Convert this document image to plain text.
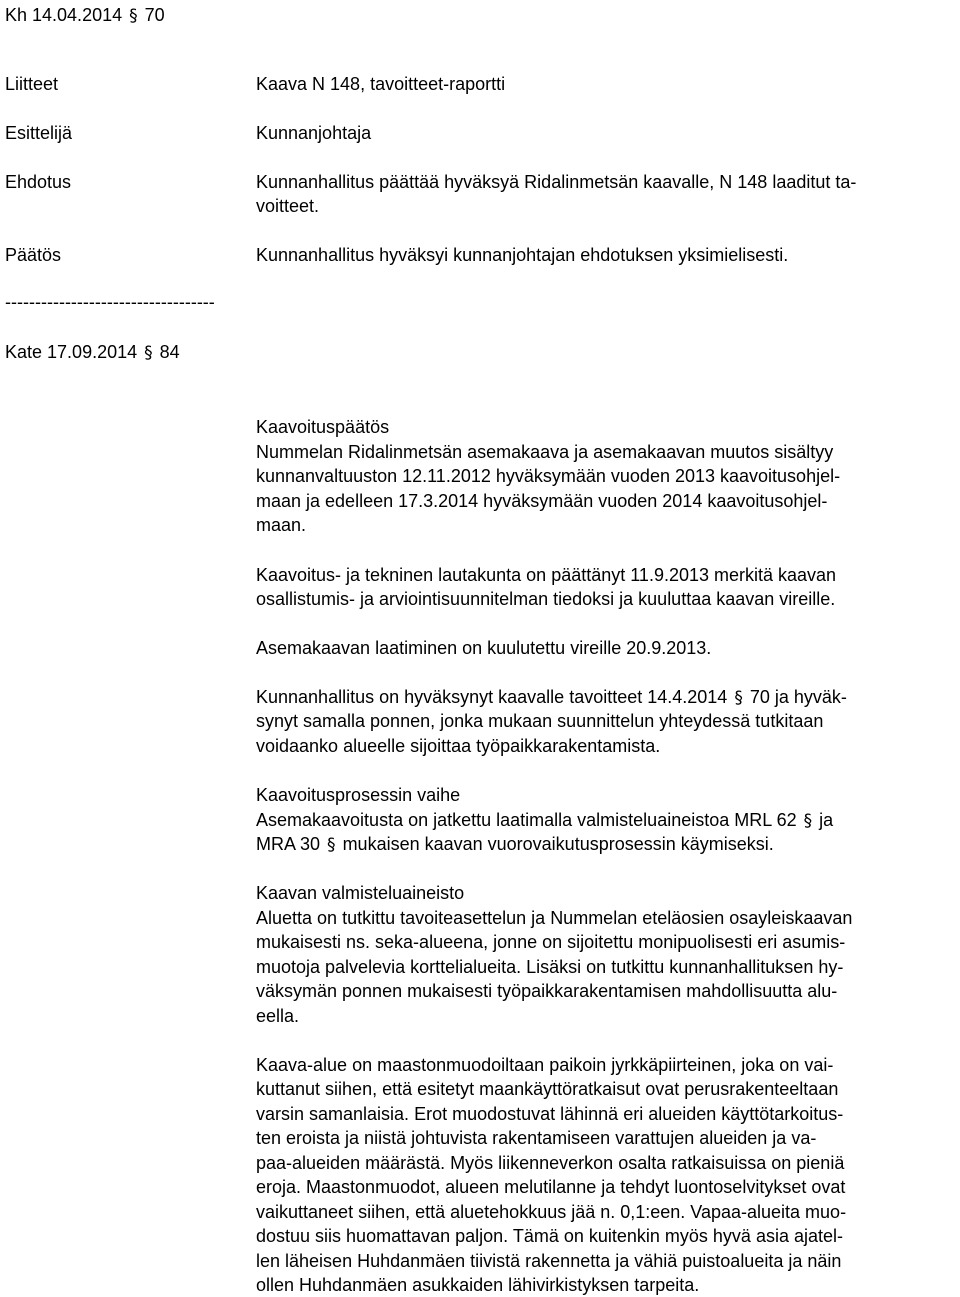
Kh 14.04.2014 § 70
Liitteet	Kaava N 148, tavoitteet-raportti
Esittelijä	Kunnanjohtaja
Ehdotus	Kunnanhallitus päättää hyväksyä Ridalinmetsän kaavalle, N 148 laaditut ta-
voitteet.
Päätös	Kunnanhallitus hyväksyi kunnanjohtajan ehdotuksen yksimielisesti.
-----------------------------------
Kate 17.09.2014 § 84
Kaavoituspäätös
Nummelan Ridalinmetsän asemakaava ja asemakaavan muutos sisältyy
kunnanvaltuuston 12.11.2012 hyväksymään vuoden 2013 kaavoitusohjel-
maan ja edelleen 17.3.2014 hyväksymään vuoden 2014 kaavoitusohjel-
maan.
Kaavoitus- ja tekninen lautakunta on päättänyt 11.9.2013 merkitä kaavan
osallistumis- ja arviointisuunnitelman tiedoksi ja kuuluttaa kaavan vireille.
Asemakaavan laatiminen on kuulutettu vireille 20.9.2013.
Kunnanhallitus on hyväksynyt kaavalle tavoitteet 14.4.2014 § 70 ja hyväk-
synyt samalla ponnen, jonka mukaan suunnittelun yhteydessä tutkitaan
voidaanko alueelle sijoittaa työpaikkarakentamista.
Kaavoitusprosessin vaihe
Asemakaavoitusta on jatkettu laatimalla valmisteluaineistoa MRL 62 § ja
MRA 30 § mukaisen kaavan vuorovaikutusprosessin käymiseksi.
Kaavan valmisteluaineisto
Aluetta on tutkittu tavoiteasettelun ja Nummelan eteläosien osayleiskaavan
mukaisesti ns. seka-alueena, jonne on sijoitettu monipuolisesti eri asumis-
muotoja palvelevia korttelialueita. Lisäksi on tutkittu kunnanhallituksen hy-
väksymän ponnen mukaisesti työpaikkarakentamisen mahdollisuutta alu-
eella.
Kaava-alue on maastonmuodoiltaan paikoin jyrkkäpiirteinen, joka on vai-
kuttanut siihen, että esitetyt maankäyttöratkaisut ovat perusrakenteeltaan
varsin samanlaisia. Erot muodostuvat lähinnä eri alueiden käyttötarkoitus-
ten eroista ja niistä johtuvista rakentamiseen varattujen alueiden ja va-
paa-alueiden määrästä. Myös liikenneverkon osalta ratkaisuissa on pieniä
eroja. Maastonmuodot, alueen melutilanne ja tehdyt luontoselvitykset ovat
vaikuttaneet siihen, että aluetehokkuus jää n. 0,1:een. Vapaa-alueita muo-
dostuu siis huomattavan paljon. Tämä on kuitenkin myös hyvä asia ajatel-
len läheisen Huhdanmäen tiivistä rakennetta ja vähiä puistoalueita ja näin
ollen Huhdanmäen asukkaiden lähivirkistyksen tarpeita.
